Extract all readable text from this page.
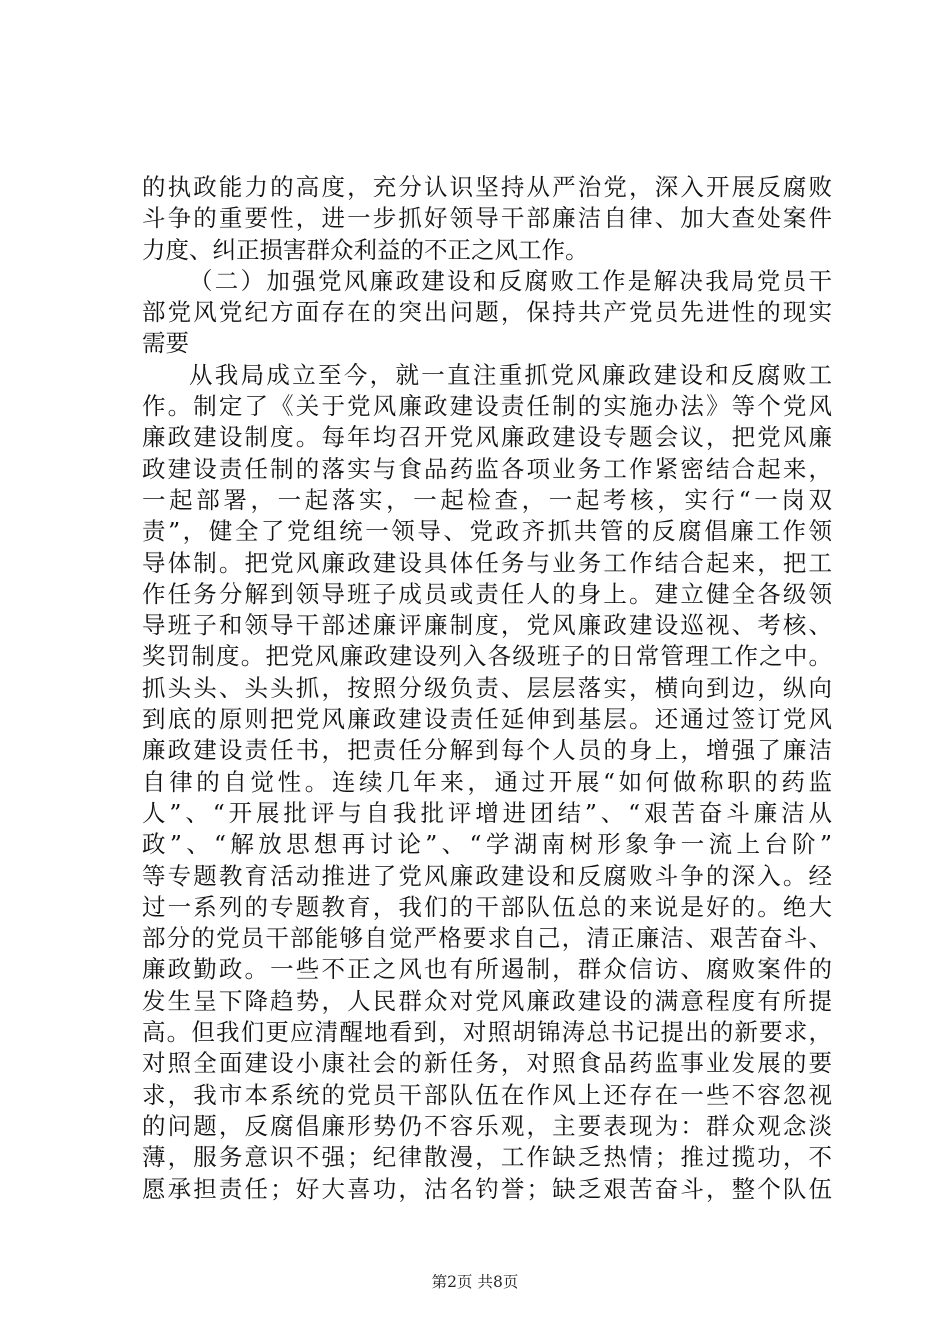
的执政能力的高度，充分认识坚持从严治党，深入开展反腐败
斗争的重要性，进一步抓好领导干部廉洁自律、加大查处案件
力度、纠正损害群众利益的不正之风工作。
（二）加强党风廉政建设和反腐败工作是解决我局党员干
部党风党纪方面存在的突出问题，保持共产党员先进性的现实
需要
从我局成立至今，就一直注重抓党风廉政建设和反腐败工
作。制定了《关于党风廉政建设责任制的实施办法》等个党风
廉政建设制度。每年均召开党风廉政建设专题会议，把党风廉
政建设责任制的落实与食品药监各项业务工作紧密结合起来，
一起部署，一起落实，一起检查，一起考核，实行“一岗双
责”，健全了党组统一领导、党政齐抓共管的反腐倡廉工作领
导体制。把党风廉政建设具体任务与业务工作结合起来，把工
作任务分解到领导班子成员或责任人的身上。建立健全各级领
导班子和领导干部述廉评廉制度，党风廉政建设巡视、考核、
奖罚制度。把党风廉政建设列入各级班子的日常管理工作之中。
抓头头、头头抓，按照分级负责、层层落实，横向到边，纵向
到底的原则把党风廉政建设责任延伸到基层。还通过签订党风
廉政建设责任书，把责任分解到每个人员的身上，增强了廉洁
自律的自觉性。连续几年来，通过开展“如何做称职的药监
人”、“开展批评与自我批评增进团结”、“艰苦奋斗廉洁从
政”、“解放思想再讨论”、“学湖南树形象争一流上台阶”
等专题教育活动推进了党风廉政建设和反腐败斗争的深入。经
过一系列的专题教育，我们的干部队伍总的来说是好的。绝大
部分的党员干部能够自觉严格要求自己，清正廉洁、艰苦奋斗、
廉政勤政。一些不正之风也有所遏制，群众信访、腐败案件的
发生呈下降趋势，人民群众对党风廉政建设的满意程度有所提
高。但我们更应清醒地看到，对照胡锦涛总书记提出的新要求，
对照全面建设小康社会的新任务，对照食品药监事业发展的要
求，我市本系统的党员干部队伍在作风上还存在一些不容忽视
的问题，反腐倡廉形势仍不容乐观，主要表现为：群众观念淡
薄，服务意识不强；纪律散漫，工作缺乏热情；推过揽功，不
愿承担责任；好大喜功，沽名钓誉；缺乏艰苦奋斗，整个队伍
第2页 共8页
